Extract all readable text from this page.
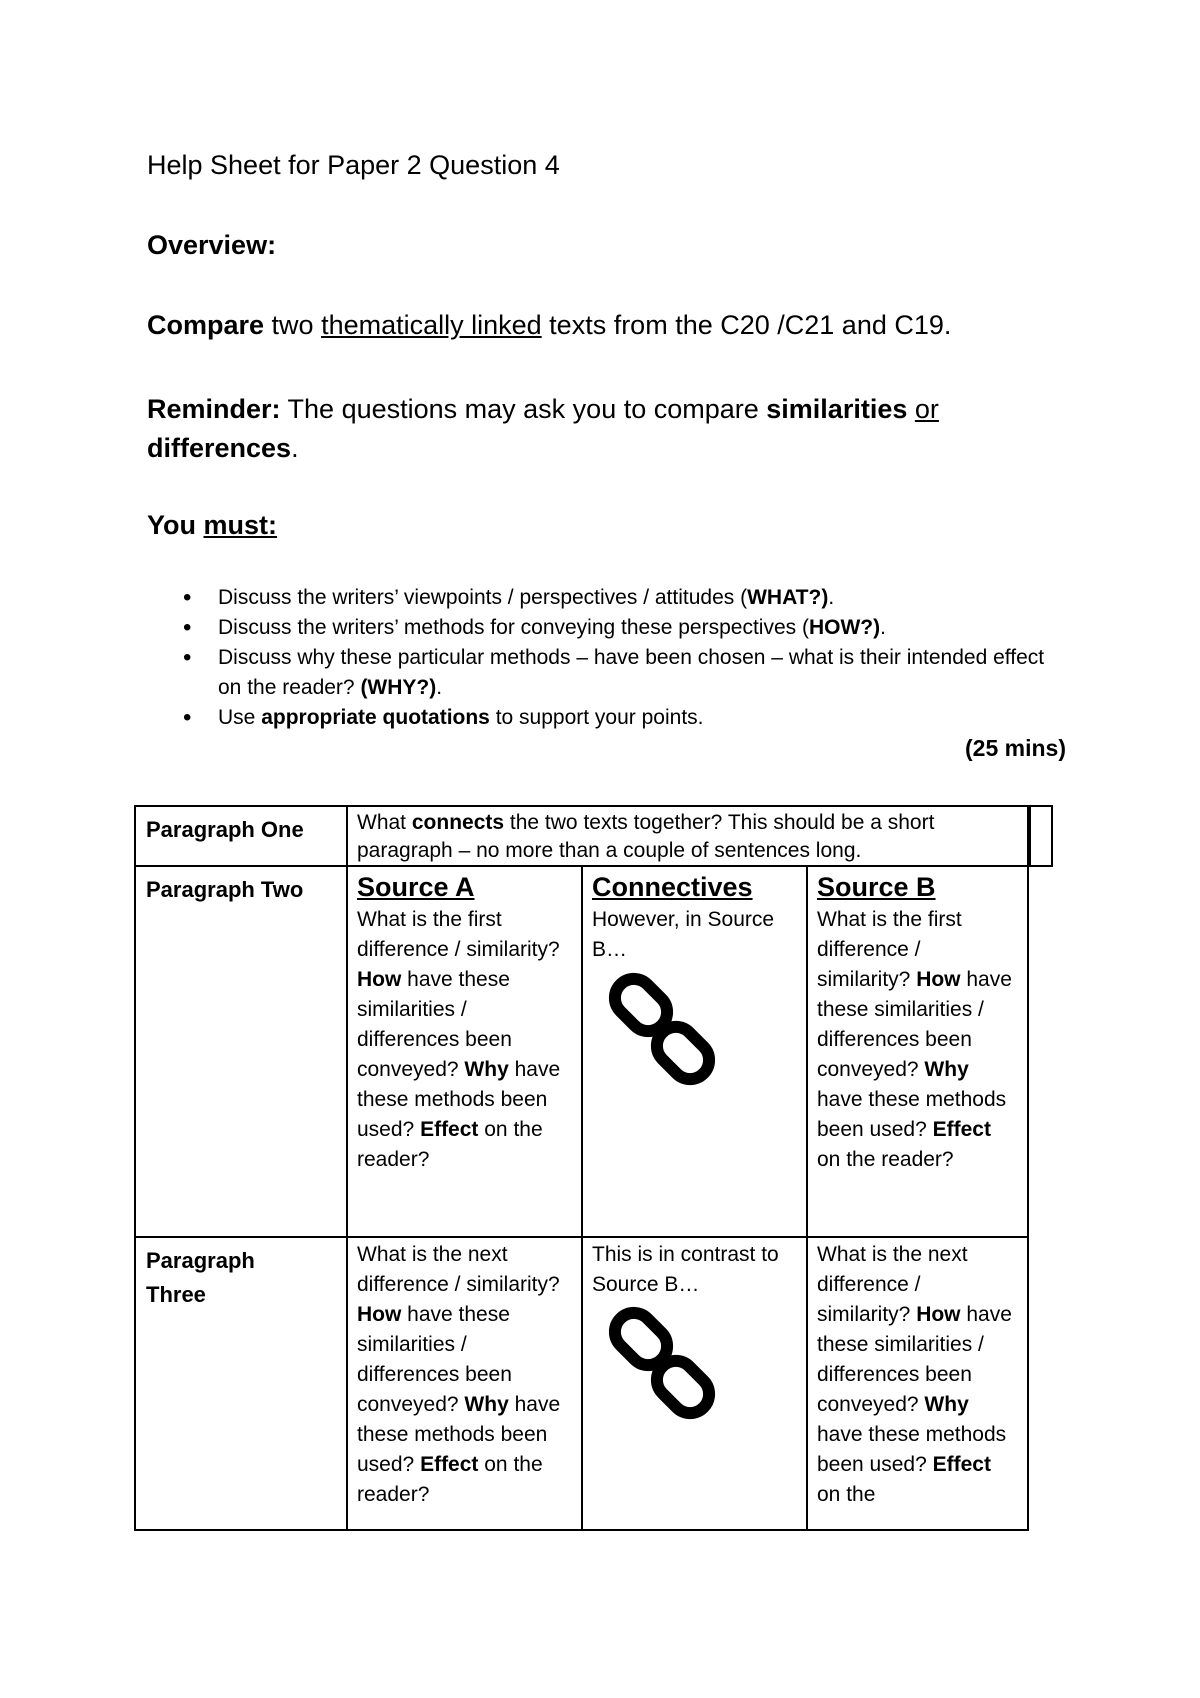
Help Sheet for Paper 2 Question 4
Overview:
Compare two thematically linked texts from the C20 /C21 and C19.
Reminder: The questions may ask you to compare similarities or
differences.
You must:
• Discuss the writers’ viewpoints / perspectives / attitudes (WHAT?).
• Discuss the writers’ methods for conveying these perspectives (HOW?).
• Discuss why these particular methods – have been chosen – what is their intended effect on the reader? (WHY?).
• Use appropriate quotations to support your points.
(25 mins)
Paragraph One	What connects the two texts together? This should be a short paragraph – no more than a couple of sentences long.
Paragraph Two	Source A
What is the first difference / similarity? How have these similarities / differences been conveyed? Why have these methods been used? Effect on the reader?
Connectives
However, in Source B…
Source B
What is the first difference / similarity? How have these similarities / differences been conveyed? Why have these methods been used? Effect on the reader?
Paragraph Three
What is the next difference / similarity? How have these similarities / differences been conveyed? Why have these methods been used? Effect on the reader?
This is in contrast to Source B…
What is the next difference / similarity? How have these similarities / differences been conveyed? Why have these methods been used? Effect on the
